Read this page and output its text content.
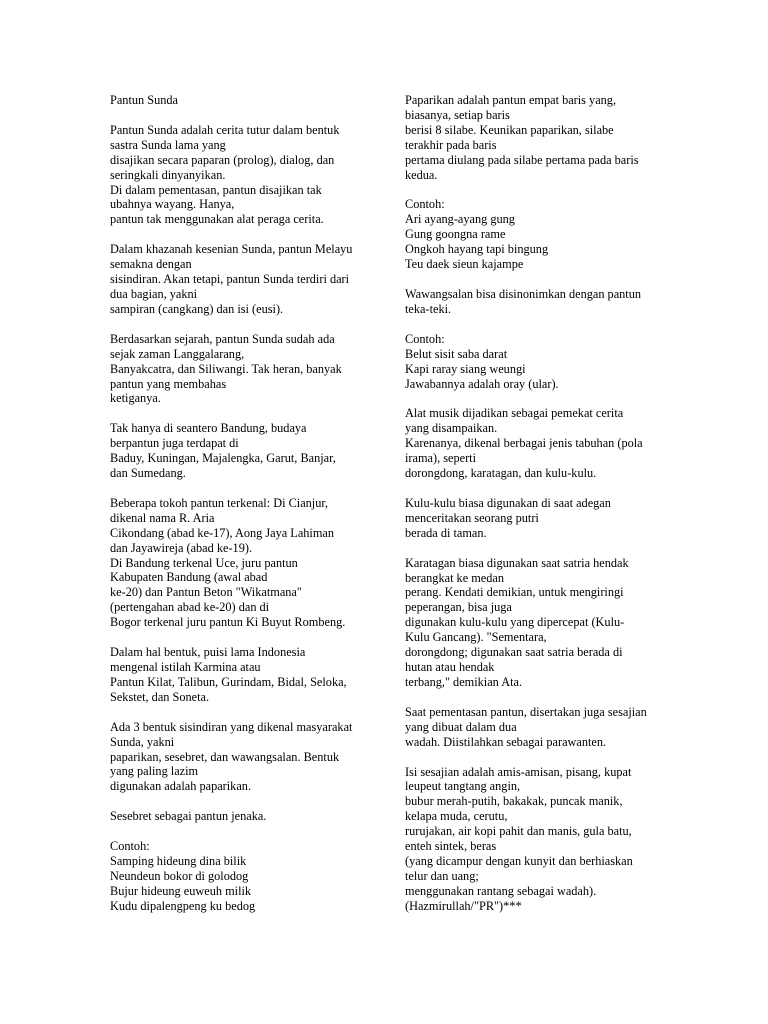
Pantun Sunda
Pantun Sunda adalah cerita tutur dalam bentuk
sastra Sunda lama yang
disajikan secara paparan (prolog), dialog, dan
seringkali dinyanyikan.
Di dalam pementasan, pantun disajikan tak
ubahnya wayang. Hanya,
pantun tak menggunakan alat peraga cerita.
Dalam khazanah kesenian Sunda, pantun Melayu
semakna dengan
sisindiran. Akan tetapi, pantun Sunda terdiri dari
dua bagian, yakni
sampiran (cangkang) dan isi (eusi).
Berdasarkan sejarah, pantun Sunda sudah ada
sejak zaman Langgalarang,
Banyakcatra, dan Siliwangi. Tak heran, banyak
pantun yang membahas
ketiganya.
Tak hanya di seantero Bandung, budaya
berpantun juga terdapat di
Baduy, Kuningan, Majalengka, Garut, Banjar,
dan Sumedang.
Beberapa tokoh pantun terkenal: Di Cianjur,
dikenal nama R. Aria
Cikondang (abad ke-17), Aong Jaya Lahiman
dan Jayawireja (abad ke-19).
Di Bandung terkenal Uce, juru pantun
Kabupaten Bandung (awal abad
ke-20) dan Pantun Beton "Wikatmana"
(pertengahan abad ke-20) dan di
Bogor terkenal juru pantun Ki Buyut Rombeng.
Dalam hal bentuk, puisi lama Indonesia
mengenal istilah Karmina atau
Pantun Kilat, Talibun, Gurindam, Bidal, Seloka,
Sekstet, dan Soneta.
Ada 3 bentuk sisindiran yang dikenal masyarakat
Sunda, yakni
paparikan, sesebret, dan wawangsalan. Bentuk
yang paling lazim
digunakan adalah paparikan.
Sesebret sebagai pantun jenaka.
Contoh:
Samping hideung dina bilik
Neundeun bokor di golodog
Bujur hideung euweuh milik
Kudu dipalengpeng ku bedog
Paparikan adalah pantun empat baris yang,
biasanya, setiap baris
berisi 8 silabe. Keunikan paparikan, silabe
terakhir pada baris
pertama diulang pada silabe pertama pada baris
kedua.
Contoh:
Ari ayang-ayang gung
Gung goongna rame
Ongkoh hayang tapi bingung
Teu daek sieun kajampe
Wawangsalan bisa disinonimkan dengan pantun
teka-teki.
Contoh:
Belut sisit saba darat
Kapi raray siang weungi
Jawabannya adalah oray (ular).
Alat musik dijadikan sebagai pemekat cerita
yang disampaikan.
Karenanya, dikenal berbagai jenis tabuhan (pola
irama), seperti
dorongdong, karatagan, dan kulu-kulu.
Kulu-kulu biasa digunakan di saat adegan
menceritakan seorang putri
berada di taman.
Karatagan biasa digunakan saat satria hendak
berangkat ke medan
perang. Kendati demikian, untuk mengiringi
peperangan, bisa juga
digunakan kulu-kulu yang dipercepat (Kulu-
Kulu Gancang). "Sementara,
dorongdong; digunakan saat satria berada di
hutan atau hendak
terbang," demikian Ata.
Saat pementasan pantun, disertakan juga sesajian
yang dibuat dalam dua
wadah. Diistilahkan sebagai parawanten.
Isi sesajian adalah amis-amisan, pisang, kupat
leupeut tangtang angin,
bubur merah-putih, bakakak, puncak manik,
kelapa muda, cerutu,
rurujakan, air kopi pahit dan manis, gula batu,
enteh sintek, beras
(yang dicampur dengan kunyit dan berhiaskan
telur dan uang;
menggunakan rantang sebagai wadah).
(Hazmirullah/"PR")***
